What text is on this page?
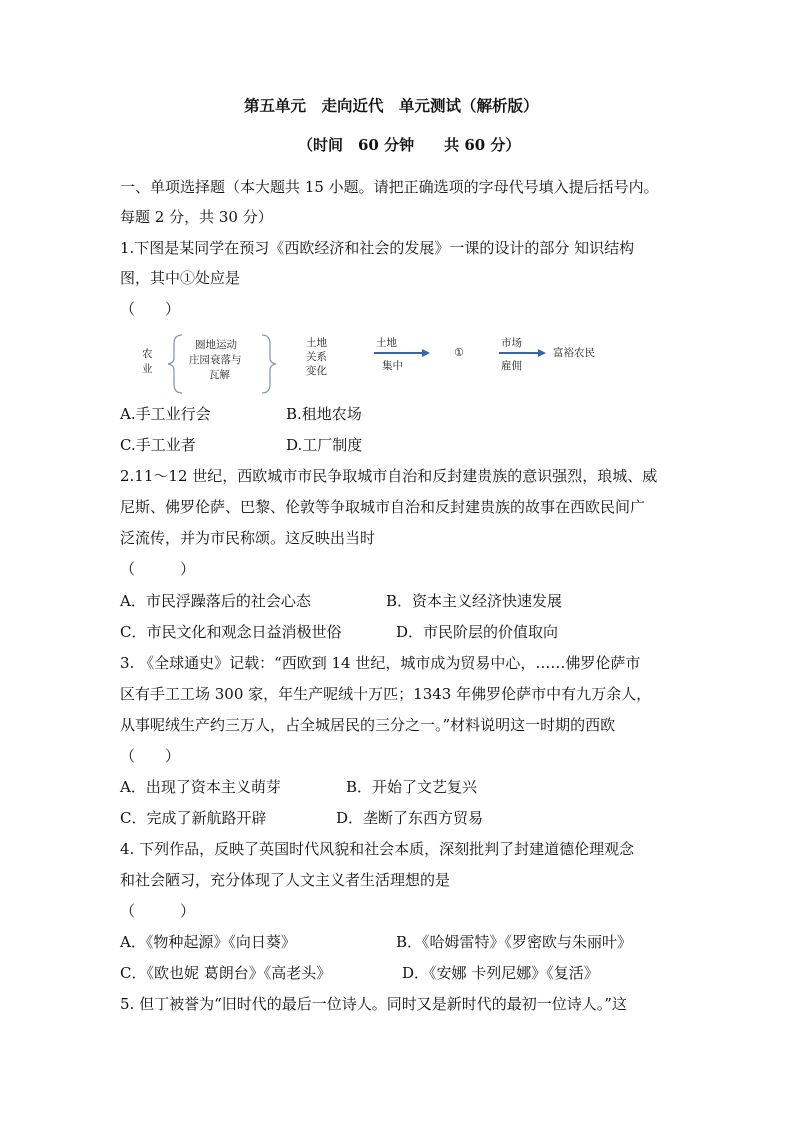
第五单元　走向近代　单元测试（解析版）
（时间　60 分钟　　共 60 分）
一、单项选择题（本大题共 15 小题。请把正确选项的字母代号填入提后括号内。
每题 2 分，共 30 分）
1.下图是某同学在预习《西欧经济和社会的发展》一课的设计的部分 知识结构
图，其中①处应是
（　　）
农
业
圈地运动
庄园衰落与
瓦解
土地
关系
变化
土地
集中
①
市场
雇佣
富裕农民
A.手工业行会	B.租地农场
C.手工业者	D.工厂制度
2.11～12 世纪，西欧城市市民争取城市自治和反封建贵族的意识强烈，琅城、威
尼斯、佛罗伦萨、巴黎、伦敦等争取城市自治和反封建贵族的故事在西欧民间广
泛流传，并为市民称颂。这反映出当时
（　　　）
A．市民浮躁落后的社会心态	B．资本主义经济快速发展
C．市民文化和观念日益消极世俗	D．市民阶层的价值取向
3. 《全球通史》记载：“西欧到 14 世纪，城市成为贸易中心，……佛罗伦萨市
区有手工工场 300 家，年生产呢绒十万匹；1343 年佛罗伦萨市中有九万余人，
从事呢绒生产约三万人，占全城居民的三分之一。”材料说明这一时期的西欧
（　　）
A．出现了资本主义萌芽	B．开始了文艺复兴
C．完成了新航路开辟	D．垄断了东西方贸易
4. 下列作品，反映了英国时代风貌和社会本质，深刻批判了封建道德伦理观念
和社会陋习，充分体现了人文主义者生活理想的是
（　　　）
A．《物种起源》《向日葵》	B．《哈姆雷特》《罗密欧与朱丽叶》
C．《欧也妮 葛朗台》《高老头》	D．《安娜 卡列尼娜》《复活》
5. 但丁被誉为“旧时代的最后一位诗人。同时又是新时代的最初一位诗人。”这
